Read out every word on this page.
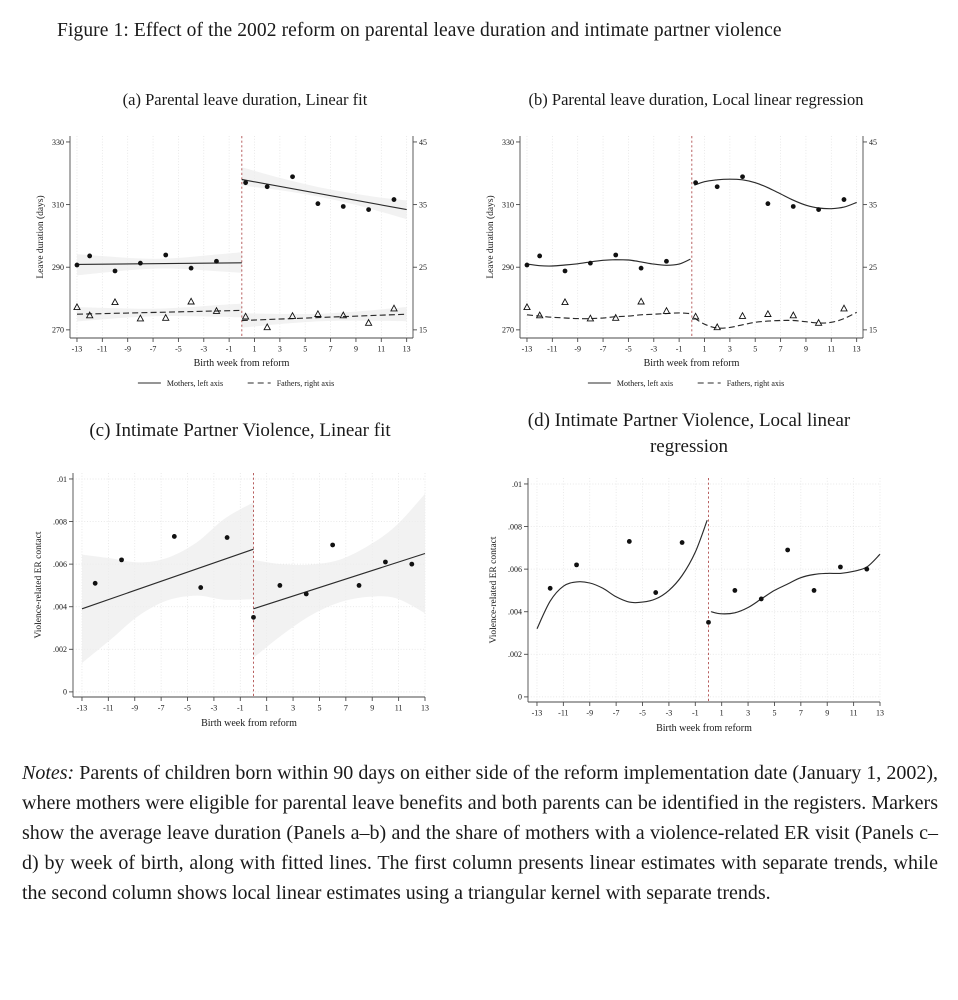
Figure 1: Effect of the 2002 reform on parental leave duration and intimate partner violence
(a) Parental leave duration, Linear fit	(b) Parental leave duration, Local linear regression
270
290
310
330
15
25
35
45
-13 -11 -9 -7 -5 -3 -1	1	3	5	7	9 11 13
Birth week from reform
Leave duration (days)
Mothers, left axis	Fathers, right axis
270
290
310
330
15
25
35
45
-13 -11 -9 -7 -5 -3 -1	1	3	5	7	9 11 13
Birth week from reform
Leave duration (days)
Mothers, left axis	Fathers, right axis
(c) Intimate Partner Violence, Linear fit	(d) Intimate Partner Violence, Local linear regression
0
.002
.004
.006
.008
.01
-13 -11 -9 -7 -5 -3 -1	1	3	5	7	9	11 13
Birth week from reform
Violence-related ER contact
0
.002
.004
.006
.008
.01
-13 -11 -9 -7 -5 -3 -1	1	3	5	7	9	11 13
Birth week from reform
Violence-related ER contact

Notes: Parents of children born within 90 days on either side of the reform implementation date (January 1, 2002), where mothers were eligible for parental leave benefits and both parents can be identified in the registers. Markers show the average leave duration (Panels a–b) and the share of mothers with a violence-related ER visit (Panels c–d) by week of birth, along with fitted lines. The first column presents linear estimates with separate trends, while the second column shows local linear estimates using a triangular kernel with separate trends.
